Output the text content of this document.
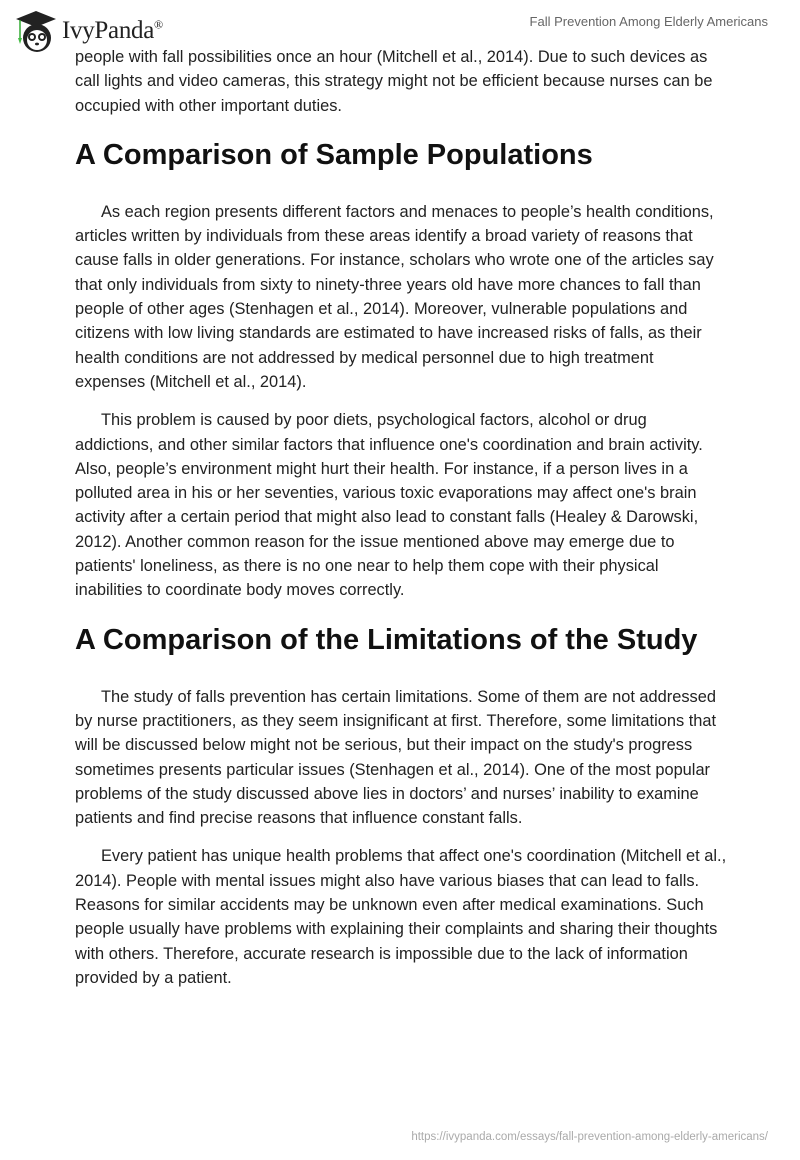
IvyPanda®	Fall Prevention Among Elderly Americans

people with fall possibilities once an hour (Mitchell et al., 2014). Due to such devices as call lights and video cameras, this strategy might not be efficient because nurses can be occupied with other important duties.

A Comparison of Sample Populations

As each region presents different factors and menaces to people’s health conditions, articles written by individuals from these areas identify a broad variety of reasons that cause falls in older generations. For instance, scholars who wrote one of the articles say that only individuals from sixty to ninety-three years old have more chances to fall than people of other ages (Stenhagen et al., 2014). Moreover, vulnerable populations and citizens with low living standards are estimated to have increased risks of falls, as their health conditions are not addressed by medical personnel due to high treatment expenses (Mitchell et al., 2014).

This problem is caused by poor diets, psychological factors, alcohol or drug addictions, and other similar factors that influence one's coordination and brain activity. Also, people’s environment might hurt their health. For instance, if a person lives in a polluted area in his or her seventies, various toxic evaporations may affect one's brain activity after a certain period that might also lead to constant falls (Healey & Darowski, 2012). Another common reason for the issue mentioned above may emerge due to patients' loneliness, as there is no one near to help them cope with their physical inabilities to coordinate body moves correctly.

A Comparison of the Limitations of the Study

The study of falls prevention has certain limitations. Some of them are not addressed by nurse practitioners, as they seem insignificant at first. Therefore, some limitations that will be discussed below might not be serious, but their impact on the study's progress sometimes presents particular issues (Stenhagen et al., 2014). One of the most popular problems of the study discussed above lies in doctors’ and nurses’ inability to examine patients and find precise reasons that influence constant falls.

Every patient has unique health problems that affect one's coordination (Mitchell et al., 2014). People with mental issues might also have various biases that can lead to falls. Reasons for similar accidents may be unknown even after medical examinations. Such people usually have problems with explaining their complaints and sharing their thoughts with others. Therefore, accurate research is impossible due to the lack of information provided by a patient.

https://ivypanda.com/essays/fall-prevention-among-elderly-americans/
